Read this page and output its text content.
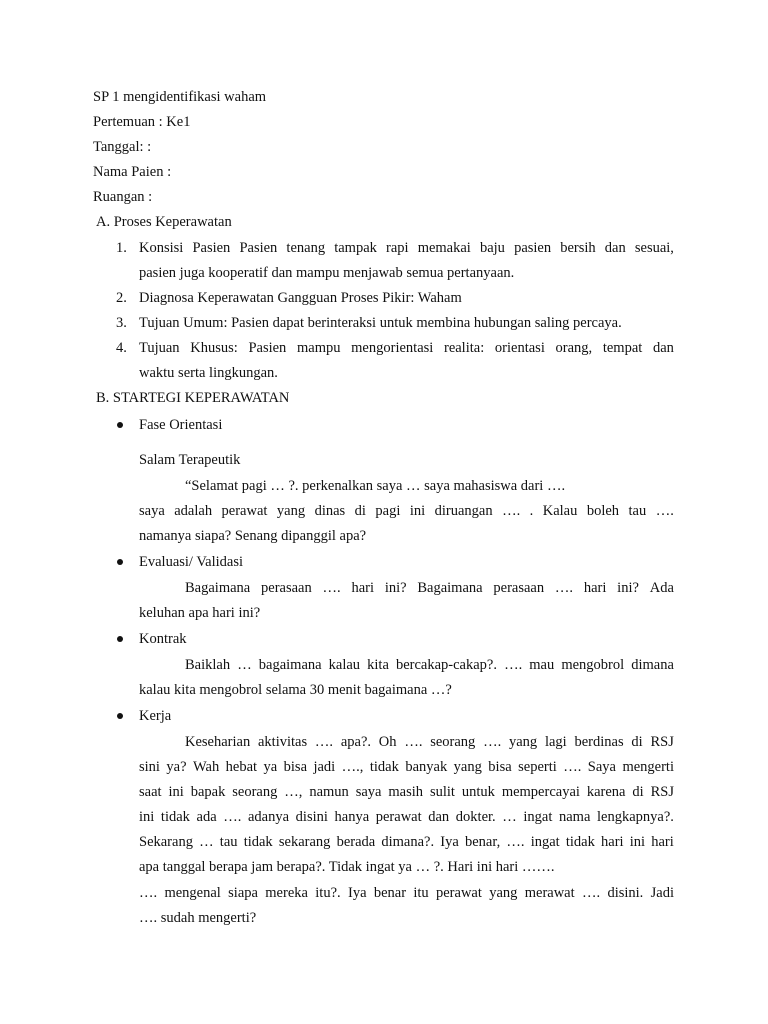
SP 1 mengidentifikasi waham
Pertemuan : Ke1
Tanggal: :
Nama Paien :
Ruangan :
A. Proses Keperawatan
1. Konsisi Pasien Pasien tenang tampak rapi memakai baju pasien bersih dan sesuai,
pasien juga kooperatif dan mampu menjawab semua pertanyaan.
2. Diagnosa Keperawatan Gangguan Proses Pikir: Waham
3. Tujuan Umum: Pasien dapat berinteraksi untuk membina hubungan saling percaya.
4. Tujuan Khusus: Pasien mampu mengorientasi realita: orientasi orang, tempat dan
waktu serta lingkungan.
B. STARTEGI KEPERAWATAN
Fase Orientasi
Salam Terapeutik
“Selamat pagi … ?. perkenalkan saya … saya mahasiswa dari ….
saya adalah perawat yang dinas di pagi ini diruangan …. . Kalau boleh tau ….
namanya siapa? Senang dipanggil apa?
Evaluasi/ Validasi
Bagaimana perasaan …. hari ini? Bagaimana perasaan …. hari ini? Ada
keluhan apa hari ini?
Kontrak
Baiklah … bagaimana kalau kita bercakap-cakap?. …. mau mengobrol dimana
kalau kita mengobrol selama 30 menit bagaimana …?
Kerja
Keseharian aktivitas …. apa?. Oh …. seorang …. yang lagi berdinas di RSJ
sini ya? Wah hebat ya bisa jadi …., tidak banyak yang bisa seperti …. Saya mengerti
saat ini bapak seorang …, namun saya masih sulit untuk mempercayai karena di RSJ
ini tidak ada …. adanya disini hanya perawat dan dokter. … ingat nama lengkapnya?.
Sekarang … tau tidak sekarang berada dimana?. Iya benar, …. ingat tidak hari ini hari
apa tanggal berapa jam berapa?. Tidak ingat ya … ?. Hari ini hari …….
…. mengenal siapa mereka itu?. Iya benar itu perawat yang merawat …. disini. Jadi
…. sudah mengerti?
